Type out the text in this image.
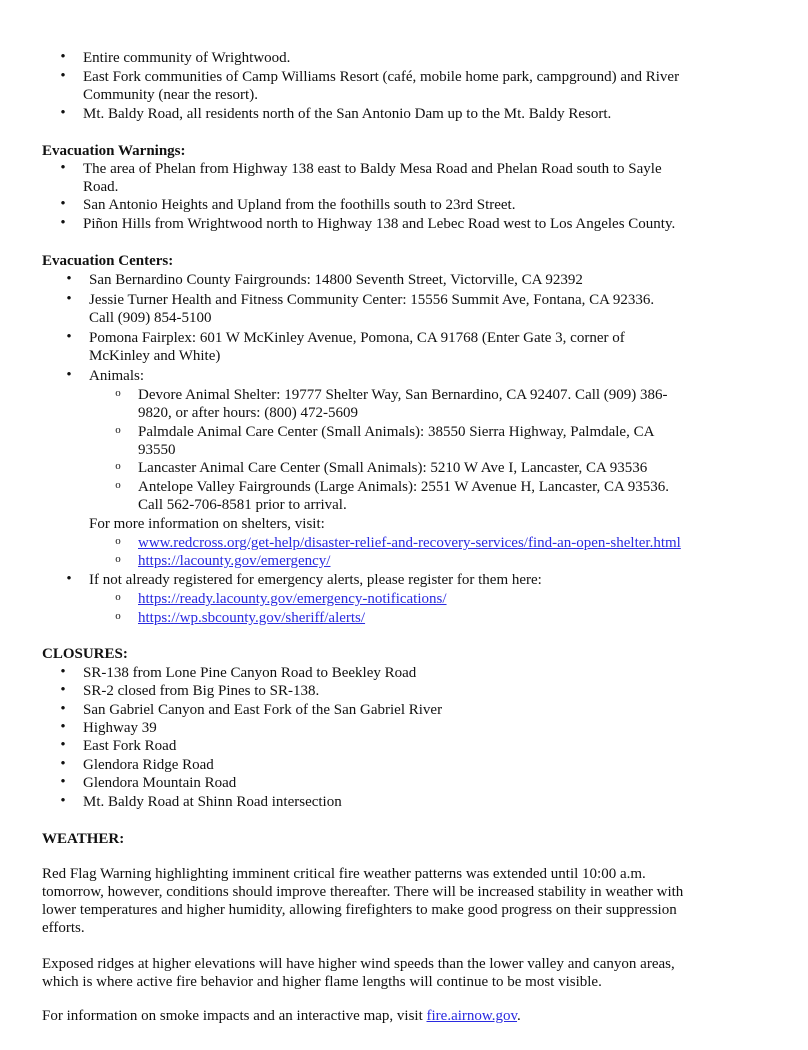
• Entire community of Wrightwood.
• East Fork communities of Camp Williams Resort (café, mobile home park, campground) and River
Community (near the resort).
• Mt. Baldy Road, all residents north of the San Antonio Dam up to the Mt. Baldy Resort.
Evacuation Warnings:
• The area of Phelan from Highway 138 east to Baldy Mesa Road and Phelan Road south to Sayle
Road.
• San Antonio Heights and Upland from the foothills south to 23rd Street.
• Piñon Hills from Wrightwood north to Highway 138 and Lebec Road west to Los Angeles County.
Evacuation Centers:
• San Bernardino County Fairgrounds: 14800 Seventh Street, Victorville, CA 92392
• Jessie Turner Health and Fitness Community Center: 15556 Summit Ave, Fontana, CA 92336.
Call (909) 854-5100
• Pomona Fairplex: 601 W McKinley Avenue, Pomona, CA 91768 (Enter Gate 3, corner of
McKinley and White)
• Animals:
o Devore Animal Shelter: 19777 Shelter Way, San Bernardino, CA 92407. Call (909) 386-
9820, or after hours: (800) 472-5609
o Palmdale Animal Care Center (Small Animals): 38550 Sierra Highway, Palmdale, CA
93550
o Lancaster Animal Care Center (Small Animals): 5210 W Ave I, Lancaster, CA 93536
o Antelope Valley Fairgrounds (Large Animals): 2551 W Avenue H, Lancaster, CA 93536.
Call 562-706-8581 prior to arrival.
For more information on shelters, visit:
o www.redcross.org/get-help/disaster-relief-and-recovery-services/find-an-open-shelter.html
o https://lacounty.gov/emergency/
• If not already registered for emergency alerts, please register for them here:
o https://ready.lacounty.gov/emergency-notifications/
o https://wp.sbcounty.gov/sheriff/alerts/
CLOSURES:
• SR-138 from Lone Pine Canyon Road to Beekley Road
• SR-2 closed from Big Pines to SR-138.
• San Gabriel Canyon and East Fork of the San Gabriel River
• Highway 39
• East Fork Road
• Glendora Ridge Road
• Glendora Mountain Road
• Mt. Baldy Road at Shinn Road intersection
WEATHER:
Red Flag Warning highlighting imminent critical fire weather patterns was extended until 10:00 a.m.
tomorrow, however, conditions should improve thereafter. There will be increased stability in weather with
lower temperatures and higher humidity, allowing firefighters to make good progress on their suppression
efforts.
Exposed ridges at higher elevations will have higher wind speeds than the lower valley and canyon areas,
which is where active fire behavior and higher flame lengths will continue to be most visible.
For information on smoke impacts and an interactive map, visit fire.airnow.gov.
